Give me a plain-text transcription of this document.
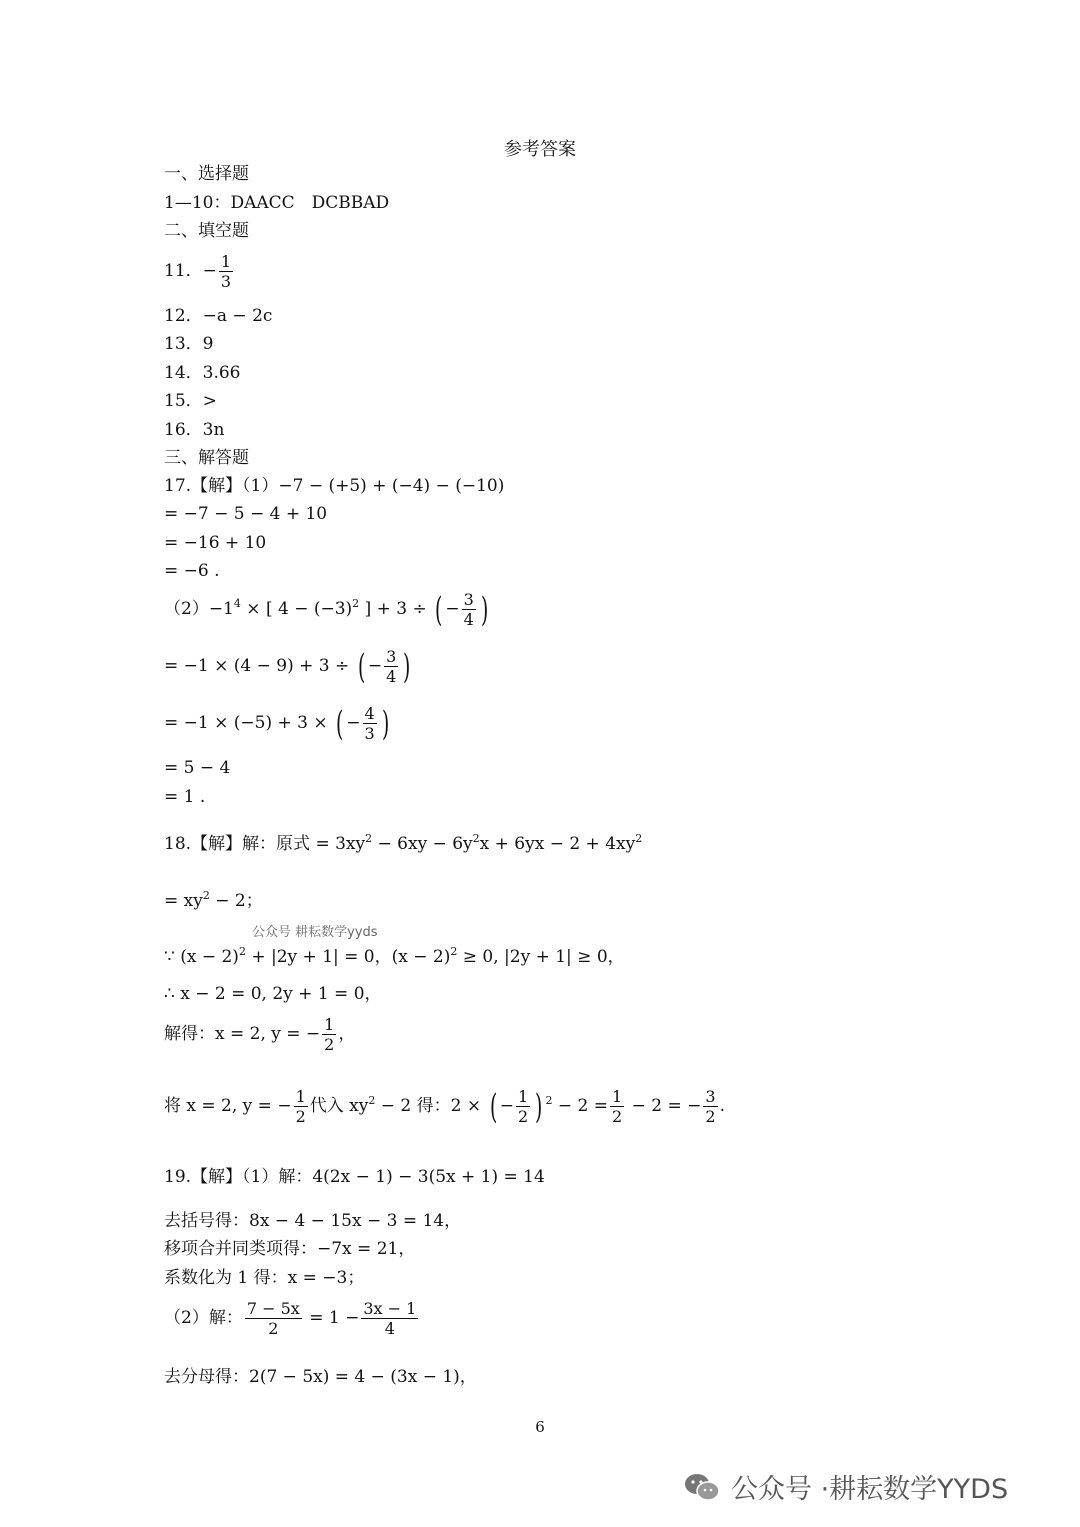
参考答案
一、选择题
1—10：DAACC　DCBBAD
二、填空题
11．− $\frac{1}{3}$
12．−a − 2c
13．9
14．3.66
15．>
16．3n
三、解答题
17.【解】（1）−7 − (+5) + (−4) − (−10)
= −7 − 5 − 4 + 10
= −16 + 10
= −6 .
$(2)-1^4$ × [ $4 - (-3)^2$ ] + 3 ÷ ( − $\frac{3}{4}$ )
= −1 × (4 − 9) + 3 ÷ ( − $\frac{3}{4}$ )
= −1 × (−5) + 3 × ( − $\frac{4}{3}$ )
= 5 − 4
= 1 .
18.【解】解：原式 = $3xy^2 - 6xy - 6y^2x + 6yx - 2 + 4xy^2$
= $xy^2 - 2$；
公众号 耕耘数学yyds
∵ $(x - 2)^2 + |2y + 1| = 0$，$(x - 2)^2 \ge 0$, |2y + 1| ≥ 0，
∴ x − 2 = 0, 2y + 1 = 0，
解得：x = 2, y = − $\frac{1}{2}$ ，
将 x = 2, y = − $\frac{1}{2}$ 代入 $xy^2 - 2$ 得：2 × ( − $\frac{1}{2}$ ) $^2 - 2 = \frac{1}{2} - 2$ = − $\frac{3}{2}$ .
19.【解】（1）解：4(2x − 1) − 3(5x + 1) = 14
去括号得：8x − 4 − 15x − 3 = 14，
移项合并同类项得：−7x = 21，
系数化为 1 得：x = −3；
（2）解： $\frac{7 - 5x}{2} = 1 - \frac{3x - 1}{4}$
去分母得：2(7 − 5x) = 4 − (3x − 1)，
6
公众号 · 耕耘数学YYDS
